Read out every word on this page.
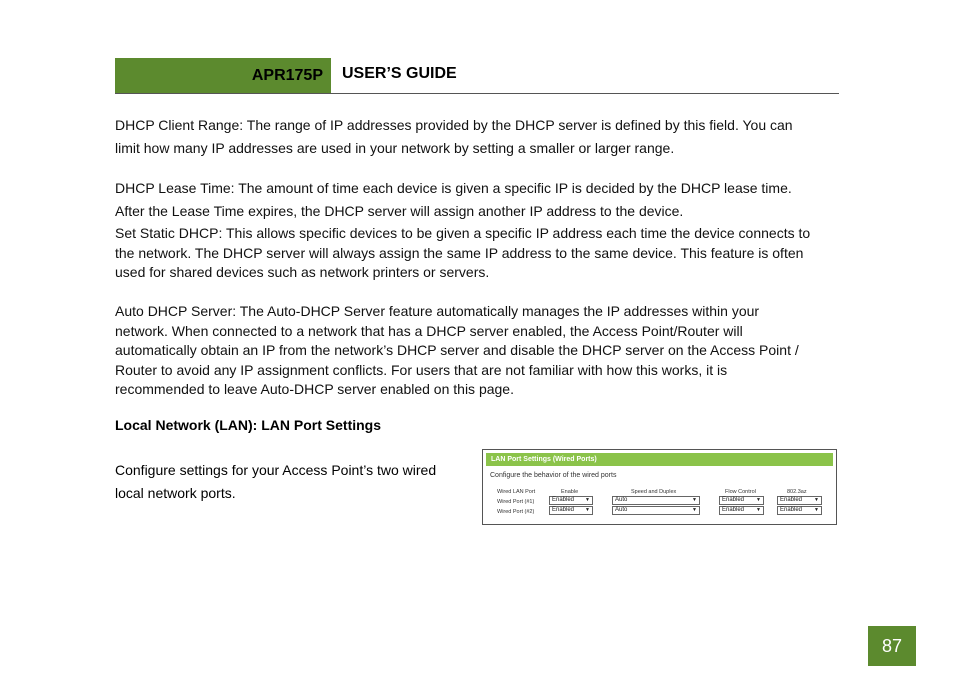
APR175P USER’S GUIDE

DHCP Client Range: The range of IP addresses provided by the DHCP server is defined by this field. You can

limit how many IP addresses are used in your network by setting a smaller or larger range.

DHCP Lease Time: The amount of time each device is given a specific IP is decided by the DHCP lease time.

After the Lease Time expires, the DHCP server will assign another IP address to the device.

Set Static DHCP: This allows specific devices to be given a specific IP address each time the device connects to

the network. The DHCP server will always assign the same IP address to the same device. This feature is often

used for shared devices such as network printers or servers.

Auto DHCP Server: The Auto-DHCP Server feature automatically manages the IP addresses within your

network. When connected to a network that has a DHCP server enabled, the Access Point/Router will

automatically obtain an IP from the network’s DHCP server and disable the DHCP server on the Access Point /

Router to avoid any IP assignment conflicts. For users that are not familiar with how this works, it is

recommended to leave Auto-DHCP server enabled on this page.

Local Network (LAN): LAN Port Settings
Configure settings for your Access Point’s two wired
local network ports.
LAN Port Settings (Wired Ports)
Configure the behavior of the wired ports
Wired LAN Port	Enable	Speed and Duplex	Flow Control	802.3az
Wired Port (#1)	Enabled ▼	Auto	▼	Enabled ▼	Enabled ▼
Wired Port (#2)	Enabled ▼	Auto	▼	Enabled ▼	Enabled ▼
87
